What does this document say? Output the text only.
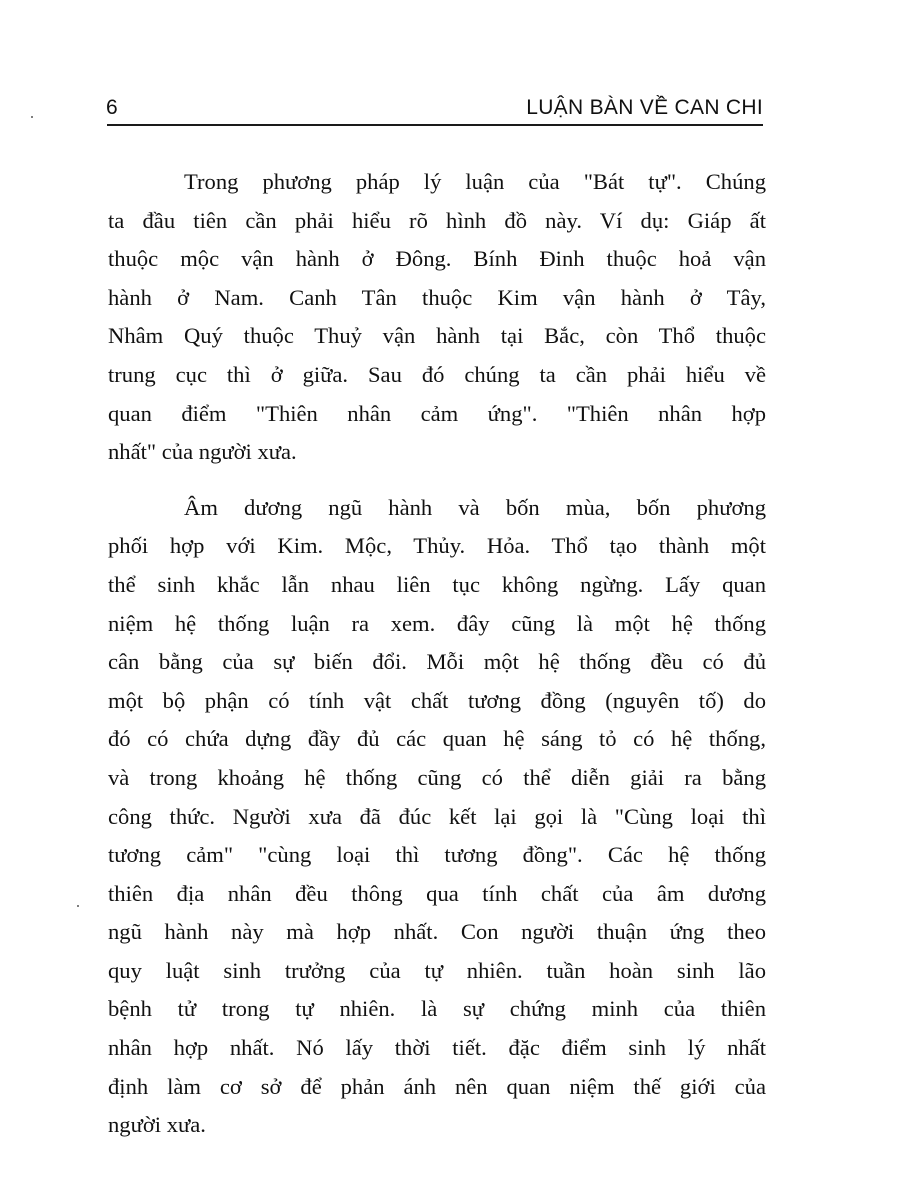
6	LUẬN BÀN VỀ CAN CHI
Trong phương pháp lý luận của "Bát tự". Chúng
ta đầu tiên cần phải hiểu rõ hình đồ này. Ví dụ: Giáp ất
thuộc mộc vận hành ở Đông. Bính Đinh thuộc hoả vận
hành ở Nam. Canh Tân thuộc Kim vận hành ở Tây,
Nhâm Quý thuộc Thuỷ vận hành tại Bắc, còn Thổ thuộc
trung cục thì ở giữa. Sau đó chúng ta cần phải hiểu về
quan điểm "Thiên nhân cảm ứng". "Thiên nhân hợp
nhất" của người xưa.
Âm dương ngũ hành và bốn mùa, bốn phương
phối hợp với Kim. Mộc, Thủy. Hỏa. Thổ tạo thành một
thể sinh khắc lẫn nhau liên tục không ngừng. Lấy quan
niệm hệ thống luận ra xem. đây cũng là một hệ thống
cân bằng của sự biến đổi. Mỗi một hệ thống đều có đủ
một bộ phận có tính vật chất tương đồng (nguyên tố) do
đó có chứa dựng đầy đủ các quan hệ sáng tỏ có hệ thống,
và trong khoảng hệ thống cũng có thể diễn giải ra bằng
công thức. Người xưa đã đúc kết lại gọi là "Cùng loại thì
tương cảm" "cùng loại thì tương đồng". Các hệ thống
thiên địa nhân đều thông qua tính chất của âm dương
ngũ hành này mà hợp nhất. Con người thuận ứng theo
quy luật sinh trưởng của tự nhiên. tuần hoàn sinh lão
bệnh tử trong tự nhiên. là sự chứng minh của thiên
nhân hợp nhất. Nó lấy thời tiết. đặc điểm sinh lý nhất
định làm cơ sở để phản ánh nên quan niệm thế giới của
người xưa.
